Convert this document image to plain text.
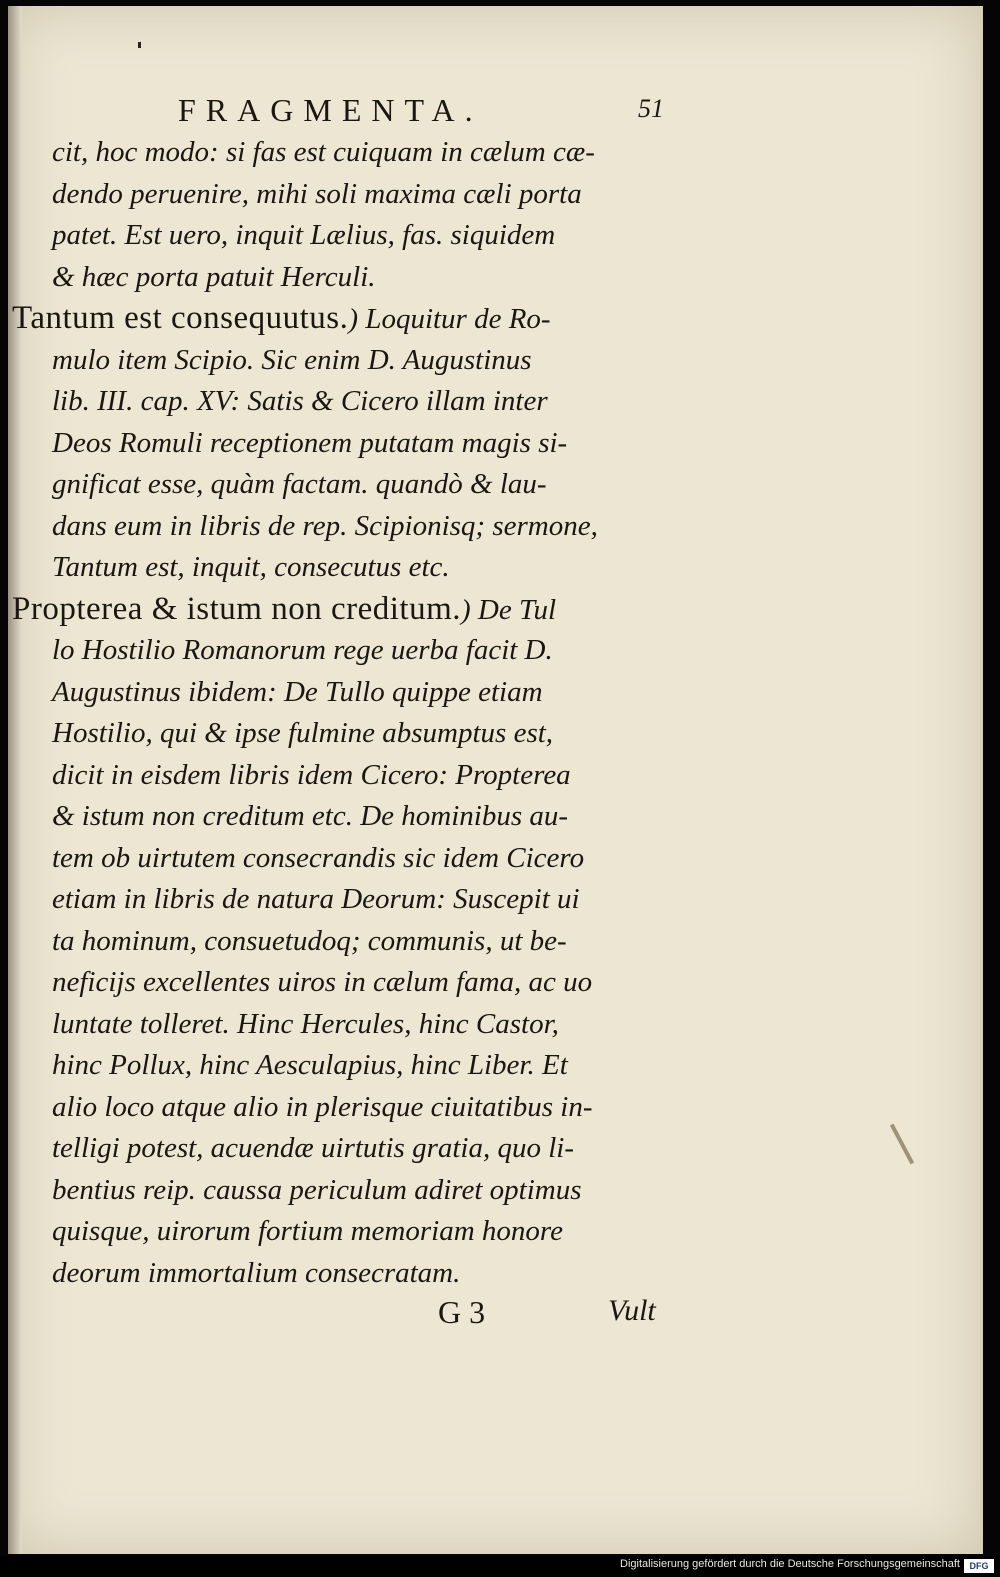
FRAGMENTA.	51
cit, hoc modo: si fas est cuiquam in cælum cæ-
dendo peruenire, mihi soli maxima cæli porta
patet. Est uero, inquit Lælius, fas. siquidem
& hæc porta patuit Herculi.
Tantum est consequutus.) Loquitur de Ro-
mulo item Scipio. Sic enim D. Augustinus
lib. III. cap. XV: Satis & Cicero illam inter
Deos Romuli receptionem putatam magis si-
gnificat esse, quàm factam. quandò & lau-
dans eum in libris de rep. Scipionisq; sermone,
Tantum est, inquit, consecutus etc.
Propterea & istum non creditum.) De Tul
lo Hostilio Romanorum rege uerba facit D.
Augustinus ibidem: De Tullo quippe etiam
Hostilio, qui & ipse fulmine absumptus est,
dicit in eisdem libris idem Cicero: Propterea
& istum non creditum etc. De hominibus au-
tem ob uirtutem consecrandis sic idem Cicero
etiam in libris de natura Deorum: Suscepit ui
ta hominum, consuetudoq; communis, ut be-
neficijs excellentes uiros in cælum fama, ac uo
luntate tolleret. Hinc Hercules, hinc Castor,
hinc Pollux, hinc Aesculapius, hinc Liber. Et
alio loco atque alio in plerisque ciuitatibus in-
telligi potest, acuendæ uirtutis gratia, quo li-
bentius reip. caussa periculum adiret optimus
quisque, uirorum fortium memoriam honore
deorum immortalium consecratam.
G 3	Vult
Digitalisierung gefördert durch die Deutsche Forschungsgemeinschaft	DFG
